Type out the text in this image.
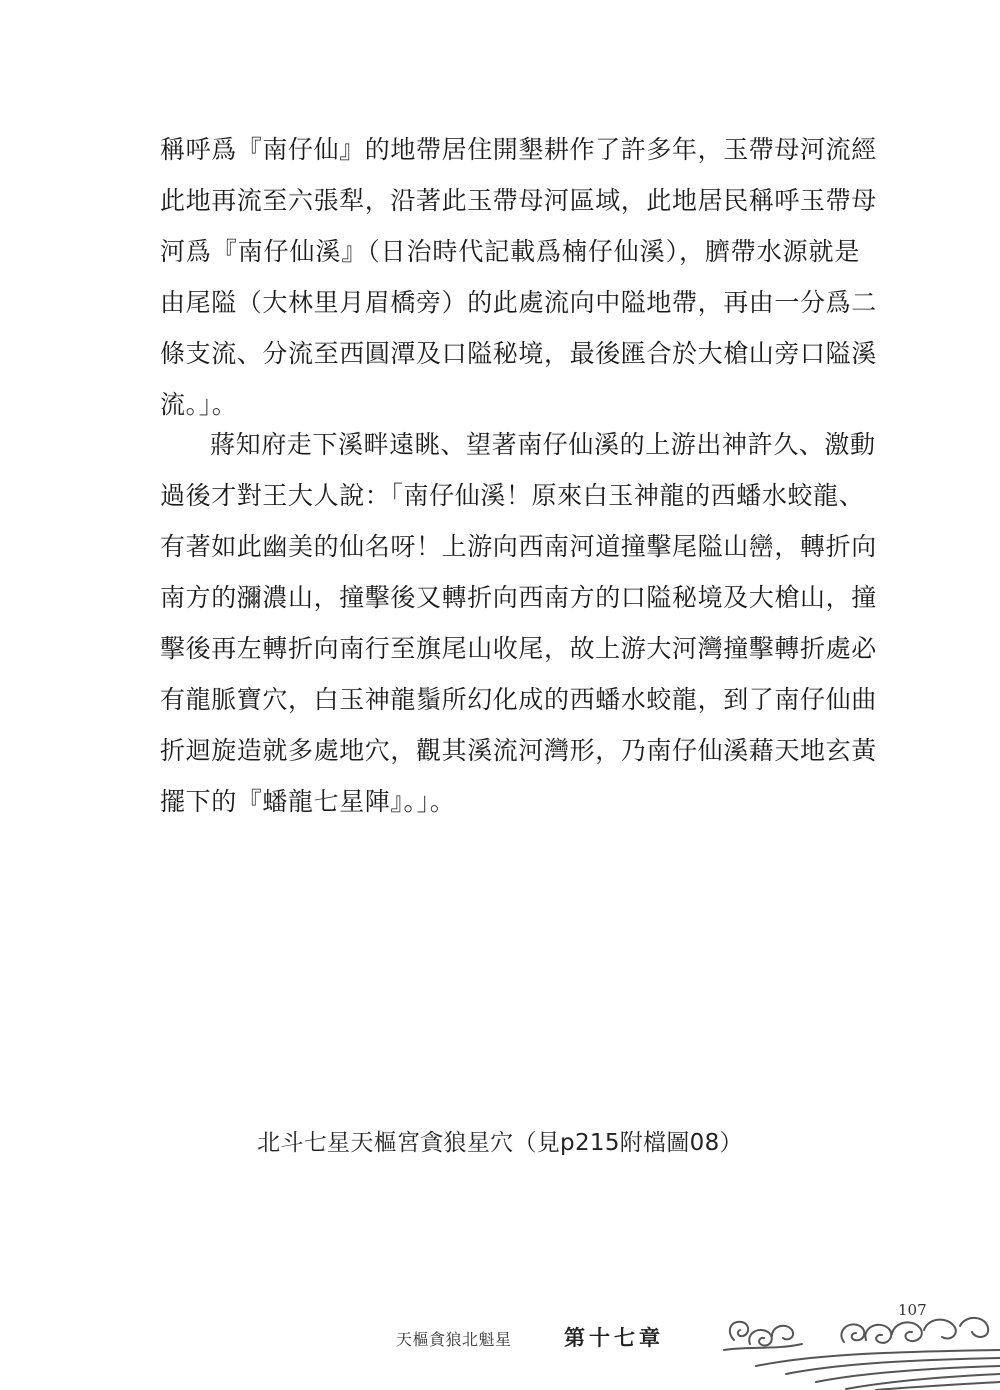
稱呼爲『南仔仙』的地帶居住開墾耕作了許多年，玉帶母河流經
此地再流至六張犁，沿著此玉帶母河區域，此地居民稱呼玉帶母
河爲『南仔仙溪』（日治時代記載爲楠仔仙溪），臍帶水源就是
由尾隘（大林里月眉橋旁）的此處流向中隘地帶，再由一分爲二
條支流、分流至西圓潭及口隘秘境，最後匯合於大槍山旁口隘溪
流。」。
蔣知府走下溪畔遠眺、望著南仔仙溪的上游出神許久、激動
過後才對王大人說：「南仔仙溪！原來白玉神龍的西蟠水蛟龍、
有著如此幽美的仙名呀！上游向西南河道撞擊尾隘山巒，轉折向
南方的瀰濃山，撞擊後又轉折向西南方的口隘秘境及大槍山，撞
擊後再左轉折向南行至旗尾山收尾，故上游大河灣撞擊轉折處必
有龍脈寶穴，白玉神龍鬚所幻化成的西蟠水蛟龍，到了南仔仙曲
折迴旋造就多處地穴，觀其溪流河灣形，乃南仔仙溪藉天地玄黃
擺下的『蟠龍七星陣』。」。
北斗七星天樞宮貪狼星穴（見p215附檔圖08）
107
天樞貪狼北魁星 第十七章
